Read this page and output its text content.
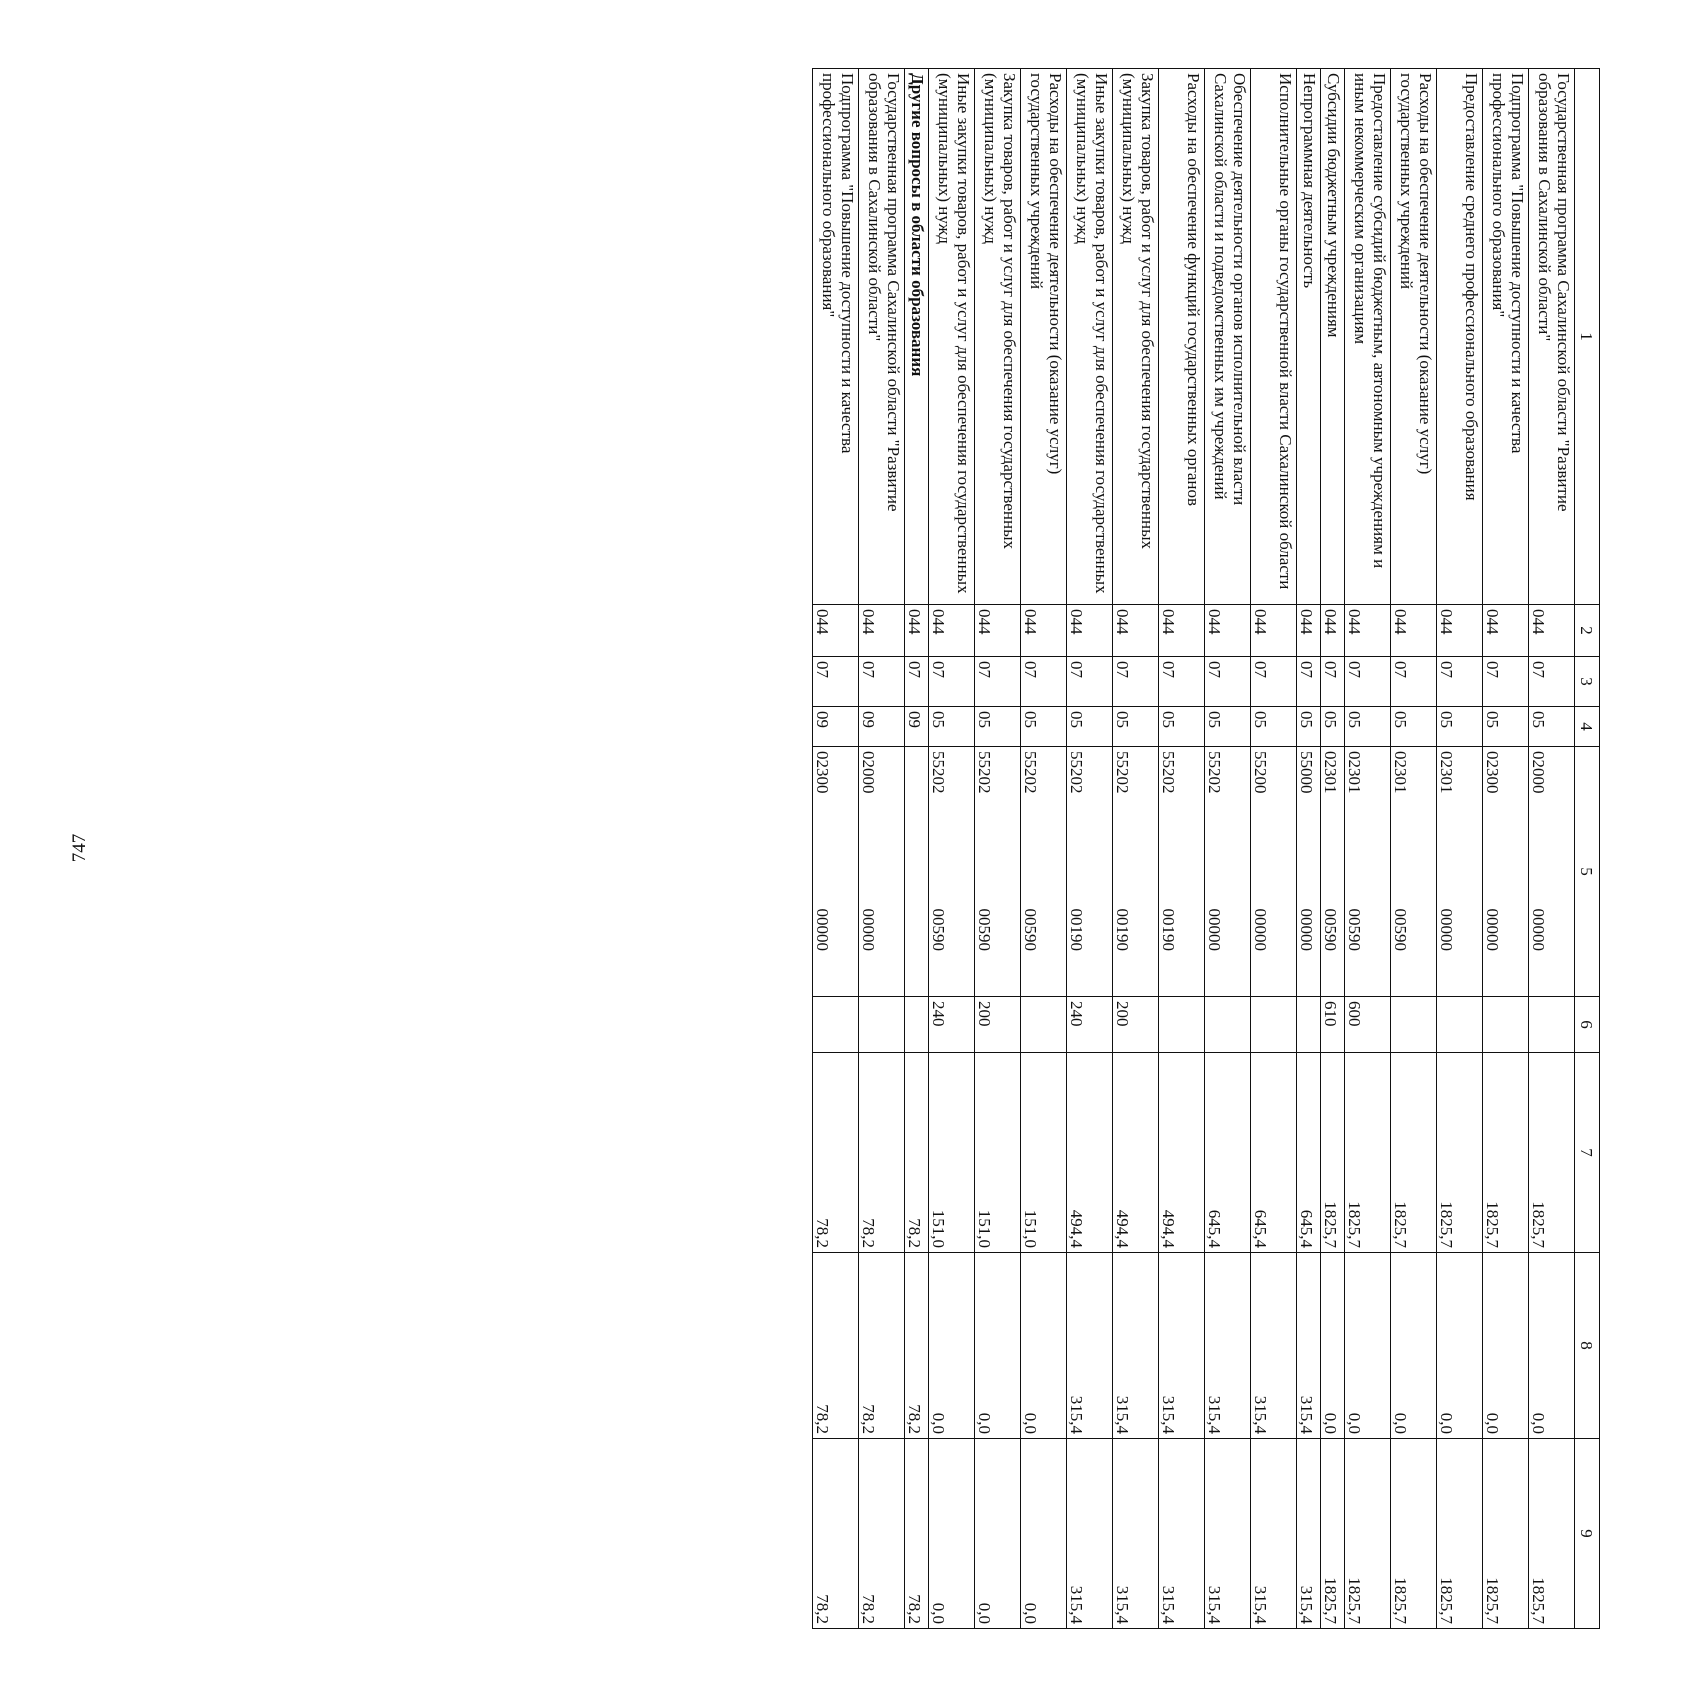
747
1	2	3	4	5		6	7	8	9
Государственная программа Сахалинской области "Развитие образования в Сахалинской области"	044	07	05	02000	00000		1825,7	0,0	1825,7
Подпрограмма "Повышение доступности и качества профессионального образования"	044	07	05	02300	00000		1825,7	0,0	1825,7
Предоставление среднего профессионального образования	044	07	05	02301	00000		1825,7	0,0	1825,7
Расходы на обеспечение деятельности (оказание услуг) государственных учреждений	044	07	05	02301	00590		1825,7	0,0	1825,7
Предоставление субсидий бюджетным, автономным учреждениям и иным некоммерческим организациям	044	07	05	02301	00590	600	1825,7	0,0	1825,7
Субсидии бюджетным учреждениям	044	07	05	02301	00590	610	1825,7	0,0	1825,7
Непрограммная деятельность	044	07	05	55000	00000		645,4	315,4	315,4
Исполнительные органы государственной власти Сахалинской области	044	07	05	55200	00000		645,4	315,4	315,4
Обеспечение деятельности органов исполнительной власти Сахалинской области и подведомственных им учреждений	044	07	05	55202	00000		645,4	315,4	315,4
Расходы на обеспечение функций государственных органов	044	07	05	55202	00190		494,4	315,4	315,4
Закупка товаров, работ и услуг для обеспечения государственных (муниципальных) нужд	044	07	05	55202	00190	200	494,4	315,4	315,4
Иные закупки товаров, работ и услуг для обеспечения государственных (муниципальных) нужд	044	07	05	55202	00190	240	494,4	315,4	315,4
Расходы на обеспечение деятельности (оказание услуг) государственных учреждений	044	07	05	55202	00590		151,0	0,0	0,0
Закупка товаров, работ и услуг для обеспечения государственных (муниципальных) нужд	044	07	05	55202	00590	200	151,0	0,0	0,0
Иные закупки товаров, работ и услуг для обеспечения государственных (муниципальных) нужд	044	07	05	55202	00590	240	151,0	0,0	0,0
Другие вопросы в области образования	044	07	09				78,2	78,2	78,2
Государственная программа Сахалинской области "Развитие образования в Сахалинской области"	044	07	09	02000	00000		78,2	78,2	78,2
Подпрограмма "Повышение доступности и качества профессионального образования"	044	07	09	02300	00000		78,2	78,2	78,2
